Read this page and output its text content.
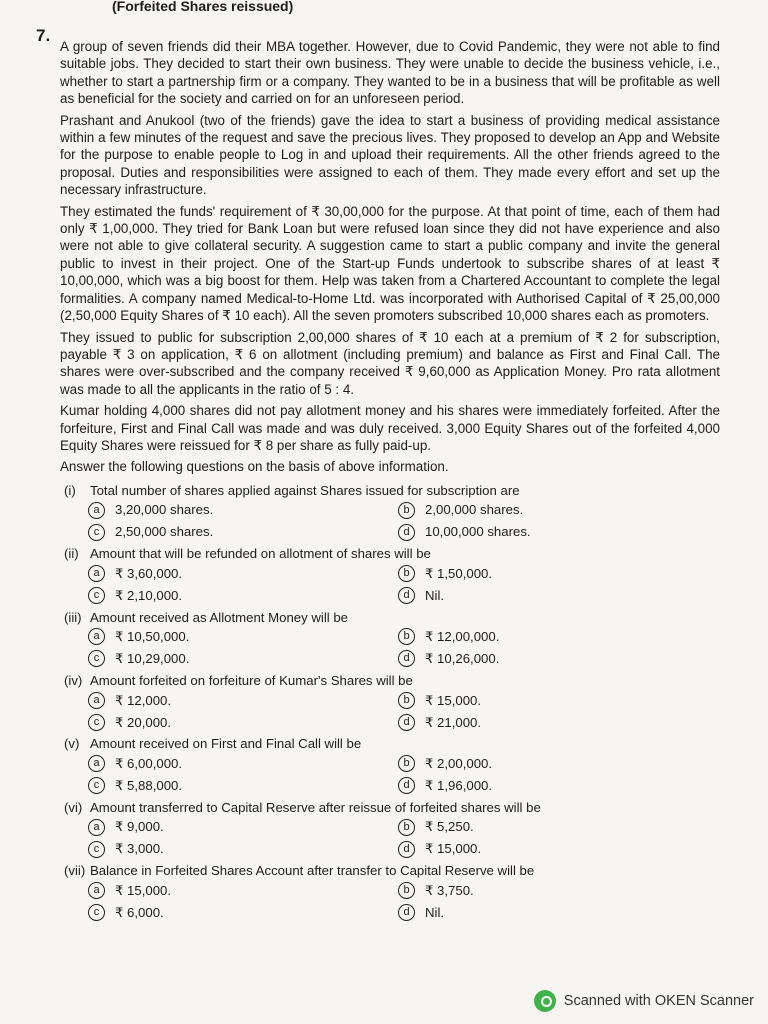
(Forfeited Shares reissued)
7.

A group of seven friends did their MBA together. However, due to Covid Pandemic, they were not able to find suitable jobs. They decided to start their own business. They were unable to decide the business vehicle, i.e., whether to start a partnership firm or a company. They wanted to be in a business that will be profitable as well as beneficial for the society and carried on for an unforeseen period.

Prashant and Anukool (two of the friends) gave the idea to start a business of providing medical assistance within a few minutes of the request and save the precious lives. They proposed to develop an App and Website for the purpose to enable people to Log in and upload their requirements. All the other friends agreed to the proposal. Duties and responsibilities were assigned to each of them. They made every effort and set up the necessary infrastructure.

They estimated the funds' requirement of ₹ 30,00,000 for the purpose. At that point of time, each of them had only ₹ 1,00,000. They tried for Bank Loan but were refused loan since they did not have experience and also were not able to give collateral security. A suggestion came to start a public company and invite the general public to invest in their project. One of the Start-up Funds undertook to subscribe shares of at least ₹ 10,00,000, which was a big boost for them. Help was taken from a Chartered Accountant to complete the legal formalities. A company named Medical-to-Home Ltd. was incorporated with Authorised Capital of ₹ 25,00,000 (2,50,000 Equity Shares of ₹ 10 each). All the seven promoters subscribed 10,000 shares each as promoters.

They issued to public for subscription 2,00,000 shares of ₹ 10 each at a premium of ₹ 2 for subscription, payable ₹ 3 on application, ₹ 6 on allotment (including premium) and balance as First and Final Call. The shares were over-subscribed and the company received ₹ 9,60,000 as Application Money. Pro rata allotment was made to all the applicants in the ratio of 5 : 4.

Kumar holding 4,000 shares did not pay allotment money and his shares were immediately forfeited. After the forfeiture, First and Final Call was made and was duly received. 3,000 Equity Shares out of the forfeited 4,000 Equity Shares were reissued for ₹ 8 per share as fully paid-up.

Answer the following questions on the basis of above information.

(i) Total number of shares applied against Shares issued for subscription are
a	3,20,000 shares.	b	2,00,000 shares.
c	2,50,000 shares.	d	10,00,000 shares.
(ii) Amount that will be refunded on allotment of shares will be
a	₹ 3,60,000.	b	₹ 1,50,000.
c	₹ 2,10,000.	d	Nil.
(iii) Amount received as Allotment Money will be
a	₹ 10,50,000.	b	₹ 12,00,000.
c	₹ 10,29,000.	d	₹ 10,26,000.
(iv) Amount forfeited on forfeiture of Kumar's Shares will be
a	₹ 12,000.	b	₹ 15,000.
c	₹ 20,000.	d	₹ 21,000.
(v) Amount received on First and Final Call will be
a	₹ 6,00,000.	b	₹ 2,00,000.
c	₹ 5,88,000.	d	₹ 1,96,000.
(vi) Amount transferred to Capital Reserve after reissue of forfeited shares will be
a	₹ 9,000.	b	₹ 5,250.
c	₹ 3,000.	d	₹ 15,000.
(vii) Balance in Forfeited Shares Account after transfer to Capital Reserve will be
a	₹ 15,000.	b	₹ 3,750.
c	₹ 6,000.	d	Nil.
Scanned with OKEN Scanner
